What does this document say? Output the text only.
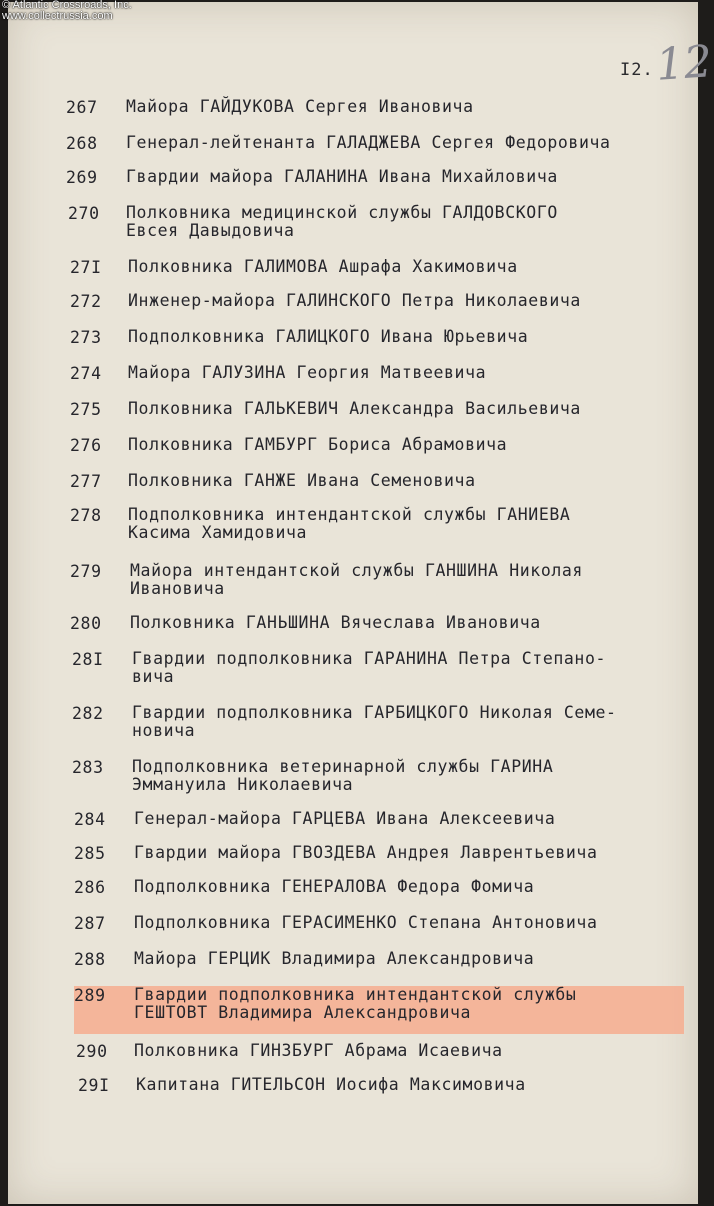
© Atlantic Crossroads, Inc.
www.collectrussia.com
I2. 12
267	Майора ГАЙДУКОВА Сергея Ивановича
268	Генерал-лейтенанта ГАЛАДЖЕВА Сергея Федоровича
269	Гвардии майора ГАЛАНИНА Ивана Михайловича
270	Полковника медицинской службы ГАЛДОВСКОГО
Евсея Давыдовича
27I	Полковника ГАЛИМОВА Ашрафа Хакимовича
272	Инженер-майора ГАЛИНСКОГО Петра Николаевича
273	Подполковника ГАЛИЦКОГО Ивана Юрьевича
274	Майора ГАЛУЗИНА Георгия Матвеевича
275	Полковника ГАЛЬКЕВИЧ Александра Васильевича
276	Полковника ГАМБУРГ Бориса Абрамовича
277	Полковника ГАНЖЕ Ивана Семеновича
278	Подполковника интендантской службы ГАНИЕВА
Касима Хамидовича
279	Майора интендантской службы ГАНШИНА Николая
Ивановича
280	Полковника ГАНЬШИНА Вячеслава Ивановича
28I	Гвардии подполковника ГАРАНИНА Петра Степано-
вича
282	Гвардии подполковника ГАРБИЦКОГО Николая Семе-
новича
283	Подполковника ветеринарной службы ГАРИНА
Эммануила Николаевича
284	Генерал-майора ГАРЦЕВА Ивана Алексеевича
285	Гвардии майора ГВОЗДЕВА Андрея Лаврентьевича
286	Подполковника ГЕНЕРАЛОВА Федора Фомича
287	Подполковника ГЕРАСИМЕНКО Степана Антоновича
288	Майора ГЕРЦИК Владимира Александровича
289	Гвардии подполковника интендантской службы
ГЕШТОВТ Владимира Александровича
290	Полковника ГИНЗБУРГ Абрама Исаевича
29I	Капитана ГИТЕЛЬСОН Иосифа Максимовича
